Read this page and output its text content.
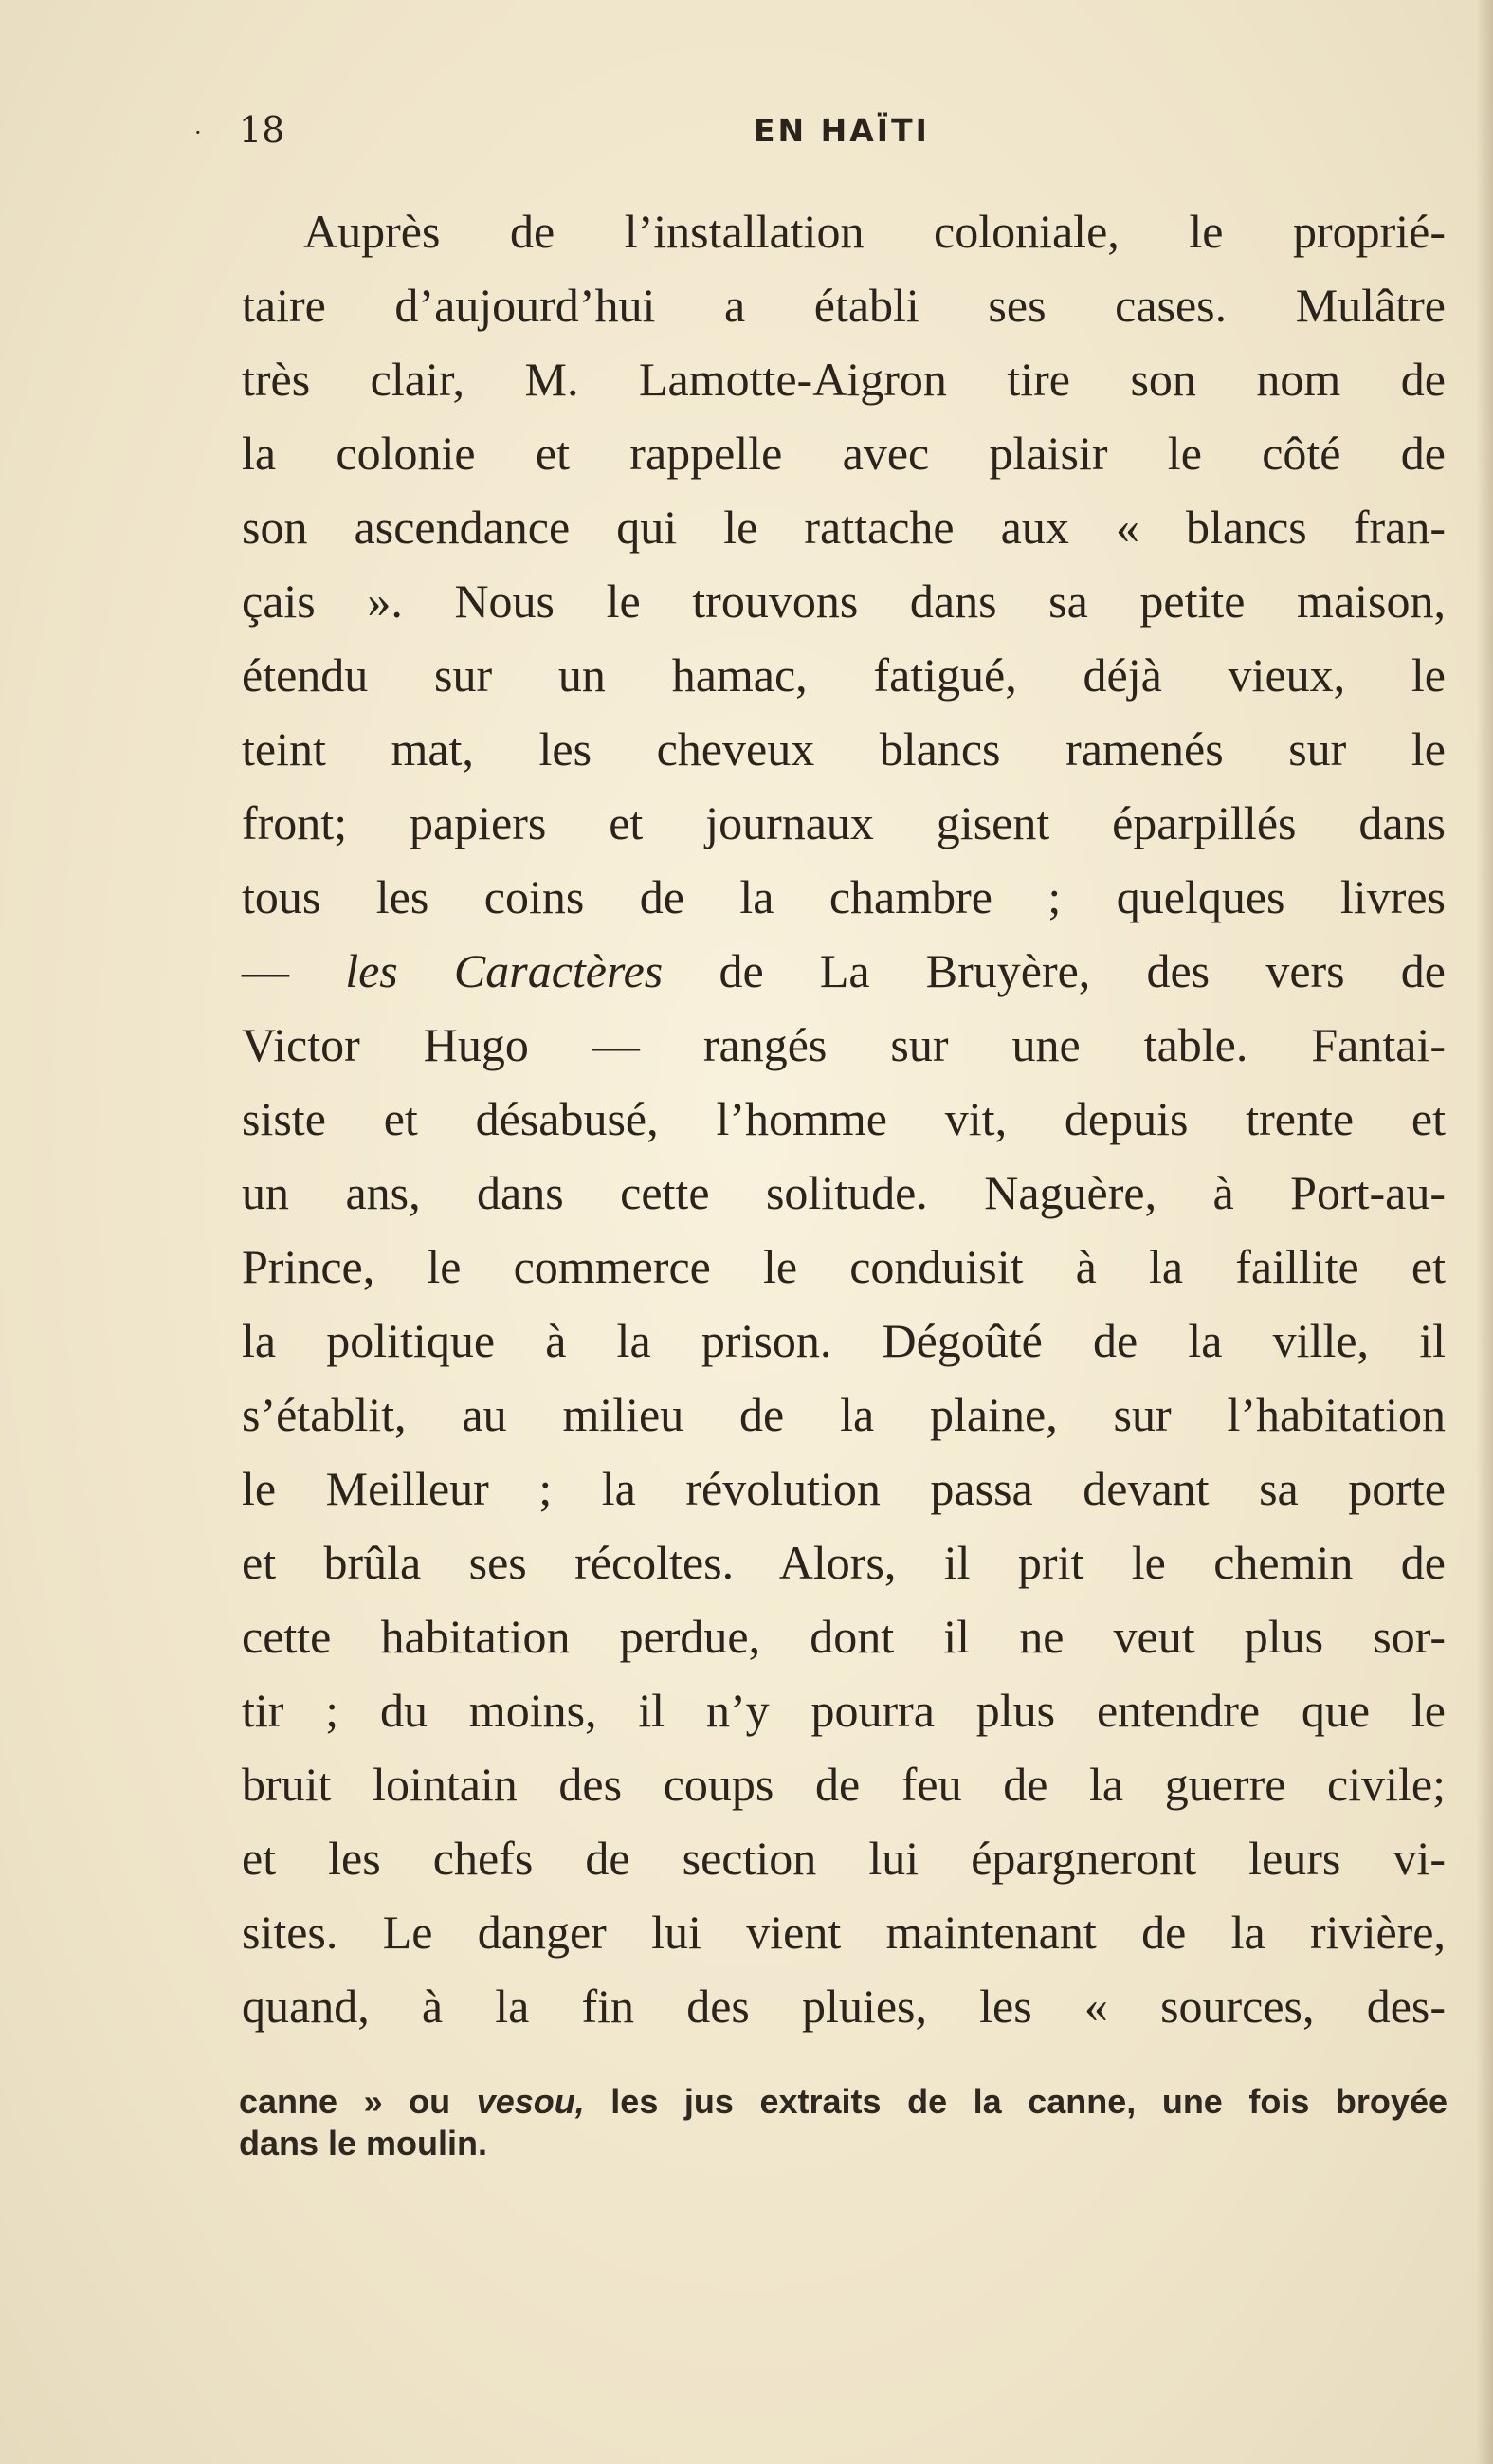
· 18	EN HAÏTI
Auprès de l’installation coloniale, le proprié-
taire d’aujourd’hui a établi ses cases. Mulâtre
très clair, M. Lamotte-Aigron tire son nom de
la colonie et rappelle avec plaisir le côté de
son ascendance qui le rattache aux « blancs fran-
çais ». Nous le trouvons dans sa petite maison,
étendu sur un hamac, fatigué, déjà vieux, le
teint mat, les cheveux blancs ramenés sur le
front; papiers et journaux gisent éparpillés dans
tous les coins de la chambre ; quelques livres
— les Caractères de La Bruyère, des vers de
Victor Hugo — rangés sur une table. Fantai-
siste et désabusé, l’homme vit, depuis trente et
un ans, dans cette solitude. Naguère, à Port-au-
Prince, le commerce le conduisit à la faillite et
la politique à la prison. Dégoûté de la ville, il
s’établit, au milieu de la plaine, sur l’habitation
le Meilleur ; la révolution passa devant sa porte
et brûla ses récoltes. Alors, il prit le chemin de
cette habitation perdue, dont il ne veut plus sor-
tir ; du moins, il n’y pourra plus entendre que le
bruit lointain des coups de feu de la guerre civile;
et les chefs de section lui épargneront leurs vi-
sites. Le danger lui vient maintenant de la rivière,
quand, à la fin des pluies, les « sources, des-
canne » ou vesou, les jus extraits de la canne, une fois broyée
dans le moulin.
